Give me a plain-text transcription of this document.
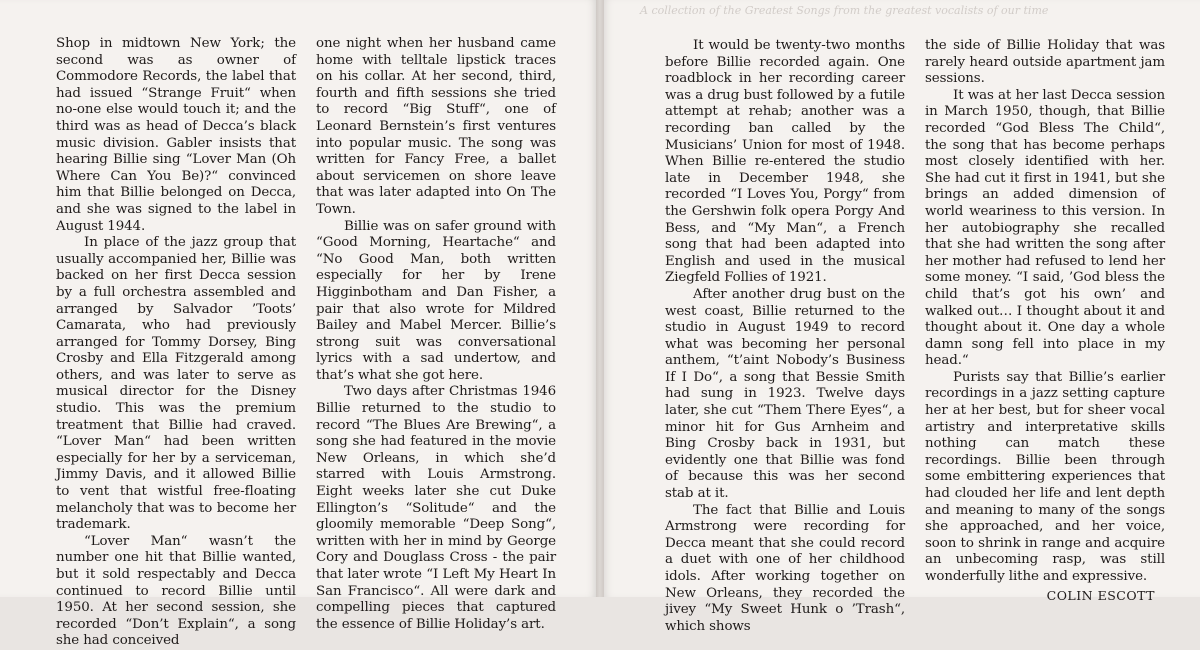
Shop in midtown New York; the second was as owner of Commodore Records, the label that had issued “Strange Fruit“ when no-one else would touch it; and the third was as head of Decca’s black music division. Gabler insists that hearing Billie sing “Lover Man (Oh Where Can You Be)?“ convinced him that Billie belonged on Decca, and she was signed to the label in August 1944.

In place of the jazz group that usually accompanied her, Billie was backed on her first Decca session by a full orchestra assembled and arranged by Salvador ’Toots’ Camarata, who had previously arranged for Tommy Dorsey, Bing Crosby and Ella Fitzgerald among others, and was later to serve as musical director for the Disney studio. This was the premium treatment that Billie had craved. “Lover Man“ had been written especially for her by a serviceman, Jimmy Davis, and it allowed Billie to vent that wistful free-floating melancholy that was to become her trademark.

“Lover Man“ wasn’t the number one hit that Billie wanted, but it sold respectably and Decca continued to record Billie until 1950. At her second session, she recorded “Don’t Explain“, a song she had conceived

one night when her husband came home with telltale lipstick traces on his collar. At her second, third, fourth and fifth sessions she tried to record “Big Stuff“, one of Leonard Bernstein’s first ventures into popular music. The song was written for Fancy Free, a ballet about servicemen on shore leave that was later adapted into On The Town.

Billie was on safer ground with “Good Morning, Heartache“ and “No Good Man, both written especially for her by Irene Higginbotham and Dan Fisher, a pair that also wrote for Mildred Bailey and Mabel Mercer. Billie’s strong suit was conversational lyrics with a sad undertow, and that’s what she got here.

Two days after Christmas 1946 Billie returned to the studio to record “The Blues Are Brewing“, a song she had featured in the movie New Orleans, in which she’d starred with Louis Armstrong. Eight weeks later she cut Duke Ellington’s “Solitude“ and the gloomily memorable “Deep Song“, written with her in mind by George Cory and Douglass Cross - the pair that later wrote “I Left My Heart In San Francisco“. All were dark and compelling pieces that captured the essence of Billie Holiday’s art.

It would be twenty-two months before Billie recorded again. One roadblock in her recording career was a drug bust followed by a futile attempt at rehab; another was a recording ban called by the Musicians’ Union for most of 1948. When Billie re-entered the studio late in December 1948, she recorded “I Loves You, Porgy“ from the Gershwin folk opera Porgy And Bess, and “My Man“, a French song that had been adapted into English and used in the musical Ziegfeld Follies of 1921.

After another drug bust on the west coast, Billie returned to the studio in August 1949 to record what was becoming her personal anthem, “t’aint Nobody’s Business If I Do“, a song that Bessie Smith had sung in 1923. Twelve days later, she cut “Them There Eyes“, a minor hit for Gus Arnheim and Bing Crosby back in 1931, but evidently one that Billie was fond of because this was her second stab at it.

The fact that Billie and Louis Armstrong were recording for Decca meant that she could record a duet with one of her childhood idols. After working together on New Orleans, they recorded the jivey “My Sweet Hunk o ’Trash“, which shows

the side of Billie Holiday that was rarely heard outside apartment jam sessions.

It was at her last Decca session in March 1950, though, that Billie recorded “God Bless The Child“, the song that has become perhaps most closely identified with her. She had cut it first in 1941, but she brings an added dimension of world weariness to this version. In her autobiography she recalled that she had written the song after her mother had refused to lend her some money. “I said, ’God bless the child that’s got his own’ and walked out… I thought about it and thought about it. One day a whole damn song fell into place in my head.“

Purists say that Billie’s earlier recordings in a jazz setting capture her at her best, but for sheer vocal artistry and interpretative skills nothing can match these recordings. Billie been through some embittering experiences that had clouded her life and lent depth and meaning to many of the songs she approached, and her voice, soon to shrink in range and acquire an unbecoming rasp, was still wonderfully lithe and expressive.

COLIN ESCOTT
A collection of the Greatest Songs from the greatest vocalists of our time
